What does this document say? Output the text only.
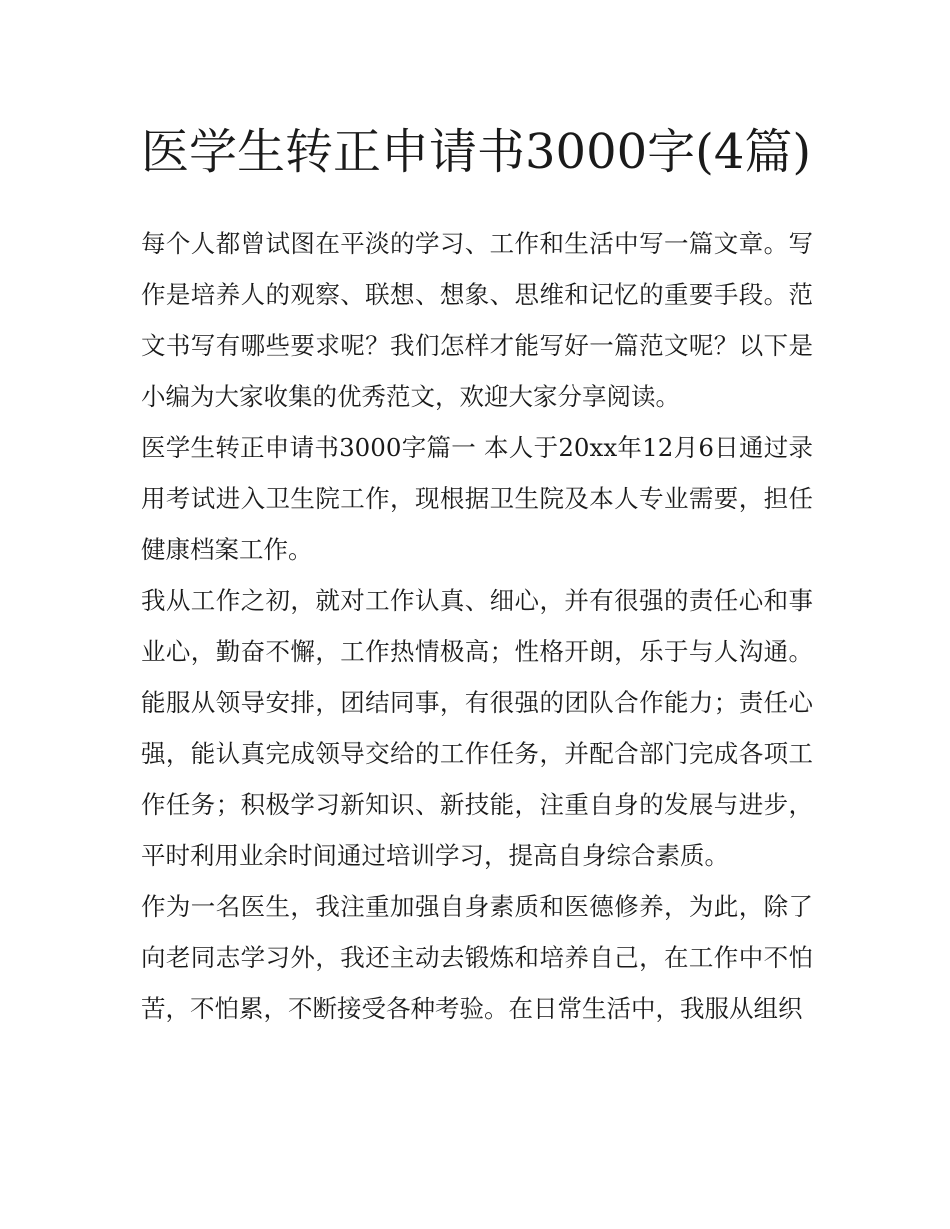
医学生转正申请书3000字(4篇)

每个人都曾试图在平淡的学习、工作和生活中写一篇文章。写作是培养人的观察、联想、想象、思维和记忆的重要手段。范文书写有哪些要求呢？我们怎样才能写好一篇范文呢？以下是小编为大家收集的优秀范文，欢迎大家分享阅读。

医学生转正申请书3000字篇一 本人于20xx年12月6日通过录用考试进入卫生院工作，现根据卫生院及本人专业需要，担任健康档案工作。

我从工作之初，就对工作认真、细心，并有很强的责任心和事业心，勤奋不懈，工作热情极高；性格开朗，乐于与人沟通。能服从领导安排，团结同事，有很强的团队合作能力；责任心强，能认真完成领导交给的工作任务，并配合部门完成各项工作任务；积极学习新知识、新技能，注重自身的发展与进步，平时利用业余时间通过培训学习，提高自身综合素质。

作为一名医生，我注重加强自身素质和医德修养，为此，除了向老同志学习外，我还主动去锻炼和培养自己，在工作中不怕苦，不怕累，不断接受各种考验。在日常生活中，我服从组织
